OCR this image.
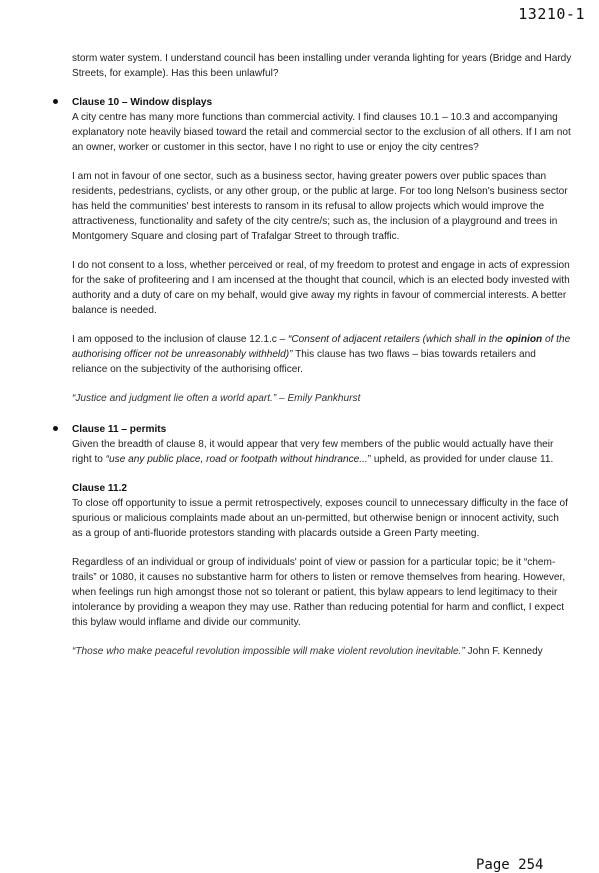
13210-1

storm water system. I understand council has been installing under veranda lighting for years (Bridge and Hardy Streets, for example). Has this been unlawful?

Clause 10 – Window displays

A city centre has many more functions than commercial activity. I find clauses 10.1 – 10.3 and accompanying explanatory note heavily biased toward the retail and commercial sector to the exclusion of all others. If I am not an owner, worker or customer in this sector, have I no right to use or enjoy the city centres?

I am not in favour of one sector, such as a business sector, having greater powers over public spaces than residents, pedestrians, cyclists, or any other group, or the public at large. For too long Nelson's business sector has held the communities' best interests to ransom in its refusal to allow projects which would improve the attractiveness, functionality and safety of the city centre/s; such as, the inclusion of a playground and trees in Montgomery Square and closing part of Trafalgar Street to through traffic.

I do not consent to a loss, whether perceived or real, of my freedom to protest and engage in acts of expression for the sake of profiteering and I am incensed at the thought that council, which is an elected body invested with authority and a duty of care on my behalf, would give away my rights in favour of commercial interests. A better balance is needed.

I am opposed to the inclusion of clause 12.1.c – “Consent of adjacent retailers (which shall in the opinion of the authorising officer not be unreasonably withheld)” This clause has two flaws – bias towards retailers and reliance on the subjectivity of the authorising officer.

“Justice and judgment lie often a world apart.” – Emily Pankhurst

Clause 11 – permits

Given the breadth of clause 8, it would appear that very few members of the public would actually have their right to “use any public place, road or footpath without hindrance...” upheld, as provided for under clause 11.

Clause 11.2

To close off opportunity to issue a permit retrospectively, exposes council to unnecessary difficulty in the face of spurious or malicious complaints made about an un-permitted, but otherwise benign or innocent activity, such as a group of anti-fluoride protestors standing with placards outside a Green Party meeting.

Regardless of an individual or group of individuals' point of view or passion for a particular topic; be it “chem-trails” or 1080, it causes no substantive harm for others to listen or remove themselves from hearing. However, when feelings run high amongst those not so tolerant or patient, this bylaw appears to lend legitimacy to their intolerance by providing a weapon they may use. Rather than reducing potential for harm and conflict, I expect this bylaw would inflame and divide our community.

“Those who make peaceful revolution impossible will make violent revolution inevitable.” John F. Kennedy

Page 254
